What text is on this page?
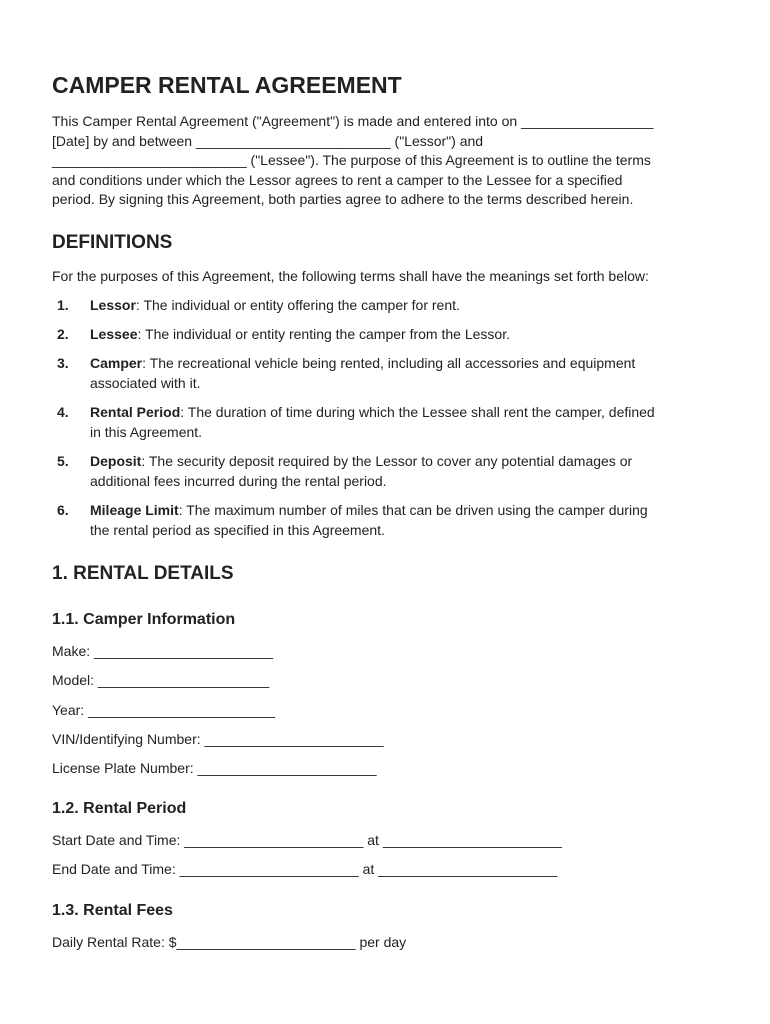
CAMPER RENTAL AGREEMENT
This Camper Rental Agreement ("Agreement") is made and entered into on _________________
[Date] by and between _________________________ ("Lessor") and
_________________________ ("Lessee"). The purpose of this Agreement is to outline the terms
and conditions under which the Lessor agrees to rent a camper to the Lessee for a specified
period. By signing this Agreement, both parties agree to adhere to the terms described herein.
DEFINITIONS

For the purposes of this Agreement, the following terms shall have the meanings set forth below:

1. Lessor: The individual or entity offering the camper for rent.
2. Lessee: The individual or entity renting the camper from the Lessor.
3. Camper: The recreational vehicle being rented, including all accessories and equipment
associated with it.
4. Rental Period: The duration of time during which the Lessee shall rent the camper, defined
in this Agreement.
5. Deposit: The security deposit required by the Lessor to cover any potential damages or
additional fees incurred during the rental period.
6. Mileage Limit: The maximum number of miles that can be driven using the camper during
the rental period as specified in this Agreement.
1. RENTAL DETAILS
1.1. Camper Information

Make: _______________________

Model: ______________________

Year: ________________________

VIN/Identifying Number: _______________________

License Plate Number: _______________________

1.2. Rental Period

Start Date and Time: _______________________ at _______________________

End Date and Time: _______________________ at _______________________

1.3. Rental Fees

Daily Rental Rate: $_______________________ per day
